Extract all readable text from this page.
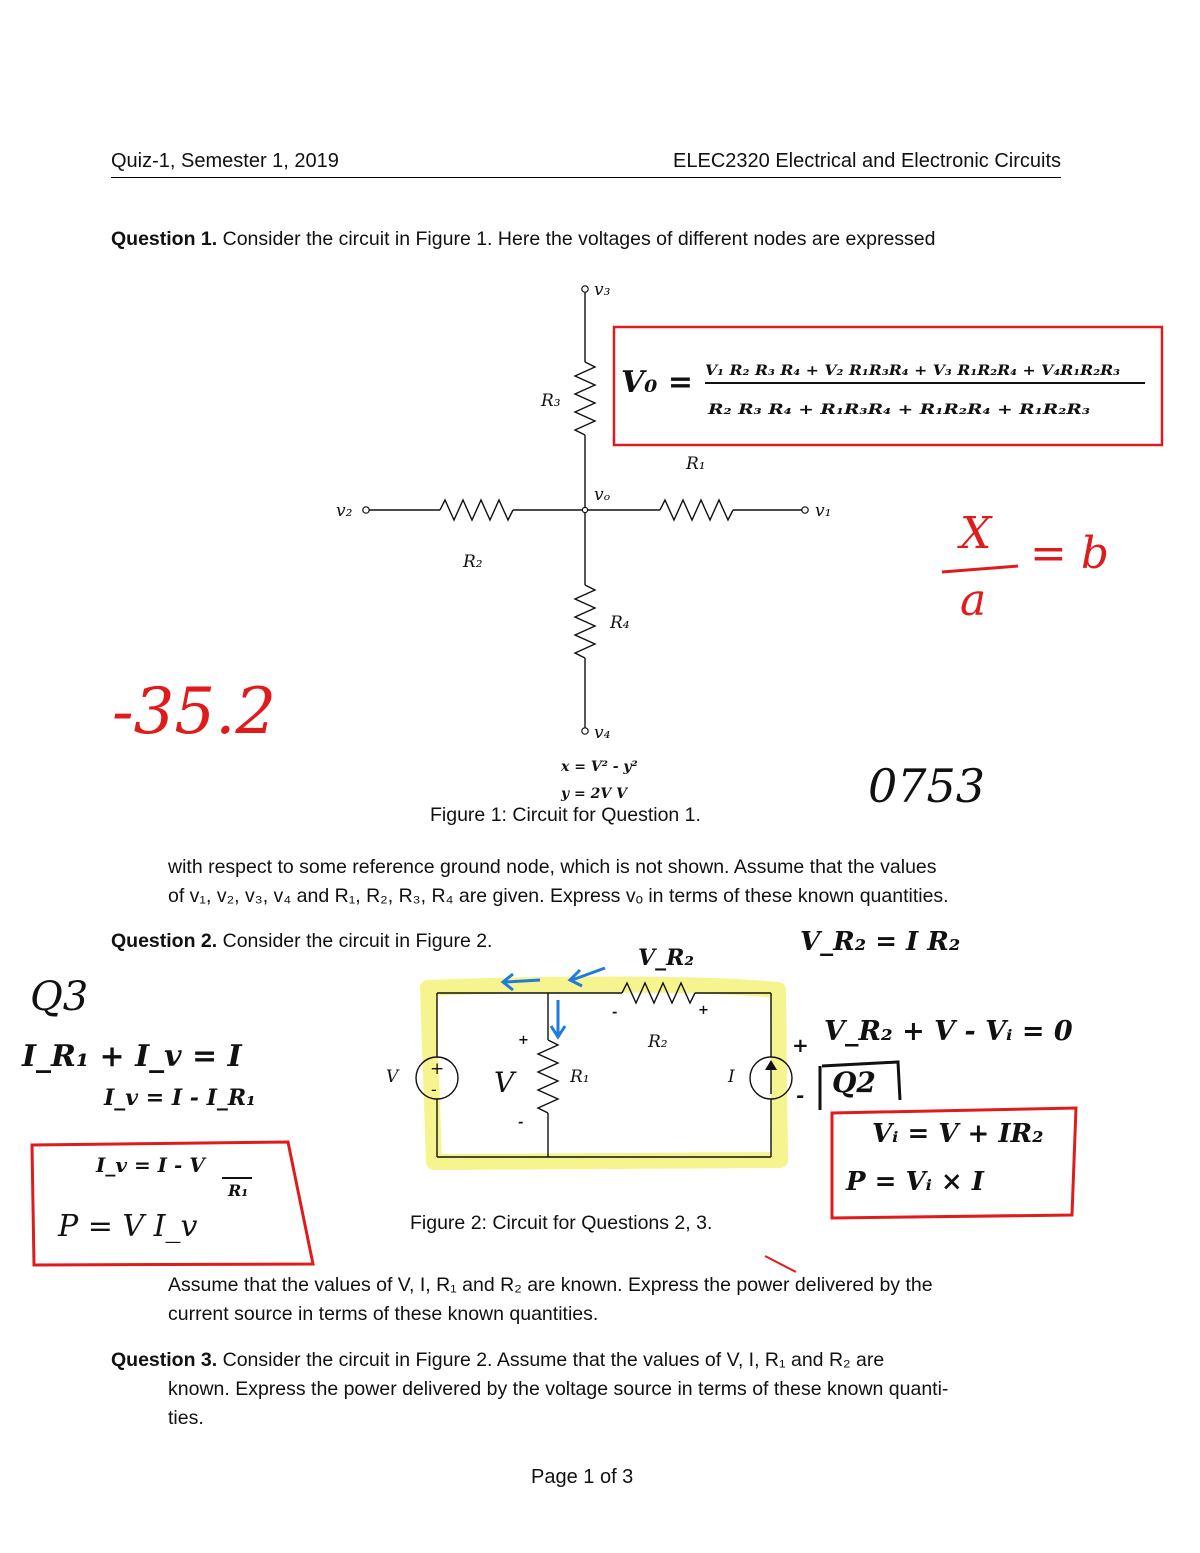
Quiz-1, Semester 1, 2019	ELEC2320 Electrical and Electronic Circuits
Question 1. Consider the circuit in Figure 1. Here the voltages of different nodes are expressed
v₃
v₂	v₁
vₒ
v₄
R₃
R₁
R₂
R₄
V₀ = V₁ R₂ R₃ R₄ + V₂ R₁R₃R₄ + V₃ R₁R₂R₄ + V₄R₁R₂R₃
R₂ R₃ R₄ + R₁R₃R₄ + R₁R₂R₄ + R₁R₂R₃
x = V² - y²
y = 2V V
-35.2
X
a
= b
0753
Figure 1: Circuit for Question 1.
with respect to some reference ground node, which is not shown. Assume that the values
of v₁, v₂, v₃, v₄ and R₁, R₂, R₃, R₄ are given. Express vₒ in terms of these known quantities.
Question 2. Consider the circuit in Figure 2.
+
-
V	I
R₁
R₂
V_R₂
V
+
-
+
-
+
-
V_R₂ = I R₂
V_R₂ + V - Vᵢ = 0
Q2
Vᵢ = V + IR₂
P = Vᵢ × I
Q3
I_R₁ + I_v = I
I_v = I - I_R₁
I_v = I - V
R₁
P = V I_v	Figure 2: Circuit for Questions 2, 3.
Assume that the values of V, I, R₁ and R₂ are known. Express the power delivered by the
current source in terms of these known quantities.
Question 3. Consider the circuit in Figure 2. Assume that the values of V, I, R₁ and R₂ are
known. Express the power delivered by the voltage source in terms of these known quanti-
ties.
Page 1 of 3
